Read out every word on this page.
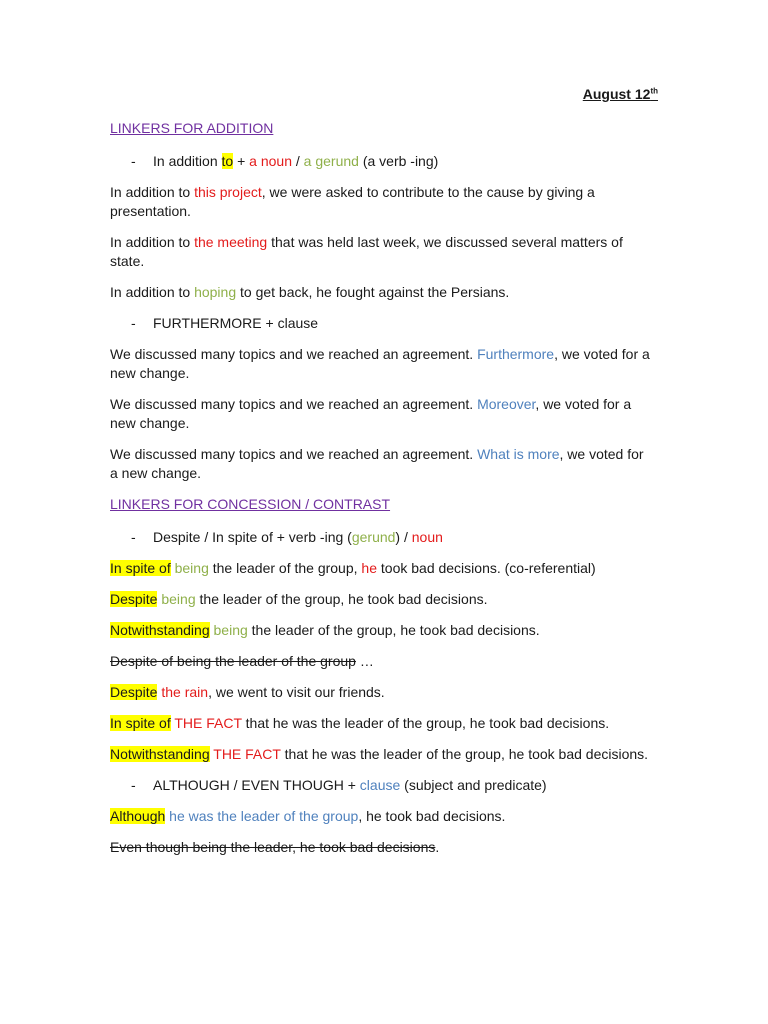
August 12th
LINKERS FOR ADDITION
-	In addition to + a noun / a gerund (a verb -ing)

In addition to this project, we were asked to contribute to the cause by giving a presentation.

In addition to the meeting that was held last week, we discussed several matters of state.

In addition to hoping to get back, he fought against the Persians.

-	FURTHERMORE + clause

We discussed many topics and we reached an agreement. Furthermore, we voted for a new change.

We discussed many topics and we reached an agreement. Moreover, we voted for a new change.

We discussed many topics and we reached an agreement. What is more, we voted for a new change.

LINKERS FOR CONCESSION / CONTRAST
-	Despite / In spite of + verb -ing (gerund) / noun

In spite of being the leader of the group, he took bad decisions. (co-referential)

Despite being the leader of the group, he took bad decisions.

Notwithstanding being the leader of the group, he took bad decisions.

Despite of being the leader of the group …

Despite the rain, we went to visit our friends.

In spite of THE FACT that he was the leader of the group, he took bad decisions.

Notwithstanding THE FACT that he was the leader of the group, he took bad decisions.

-	ALTHOUGH / EVEN THOUGH + clause (subject and predicate)

Although he was the leader of the group, he took bad decisions.

Even though being the leader, he took bad decisions.
